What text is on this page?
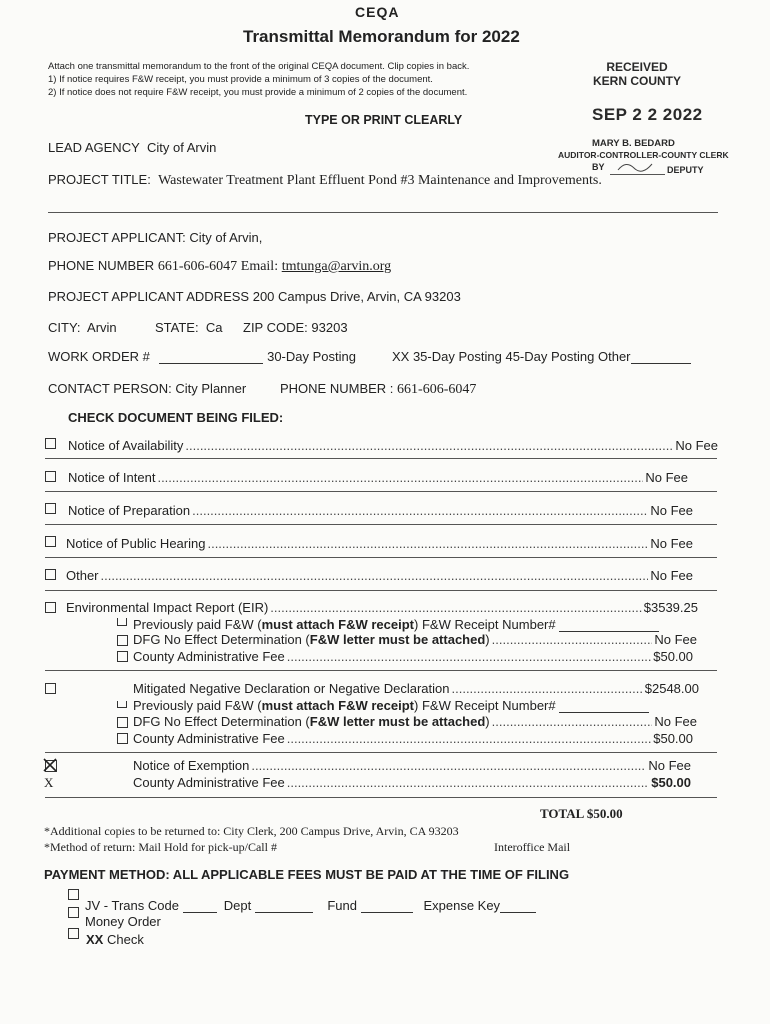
CEQA
Transmittal Memorandum for 2022
Attach one transmittal memorandum to the front of the original CEQA document. Clip copies in back.
1) If notice requires F&W receipt, you must provide a minimum of 3 copies of the document.
2) If notice does not require F&W receipt, you must provide a minimum of 2 copies of the document.
TYPE OR PRINT CLEARLY
RECEIVED
KERN COUNTY
SEP 2 2 2022
MARY B. BEDARD
AUDITOR-CONTROLLER-COUNTY CLERK
BY	DEPUTY
LEAD AGENCY City of Arvin
PROJECT TITLE: Wastewater Treatment Plant Effluent Pond #3 Maintenance and Improvements.
PROJECT APPLICANT: City of Arvin,
PHONE NUMBER 661-606-6047 Email: tmtunga@arvin.org
PROJECT APPLICANT ADDRESS 200 Campus Drive, Arvin, CA 93203
CITY: Arvin	STATE: Ca ZIP CODE: 93203
WORK ORDER #	30-Day Posting	XX 35-Day Posting 45-Day Posting Other
CONTACT PERSON: City Planner	PHONE NUMBER : 661-606-6047
CHECK DOCUMENT BEING FILED:
Notice of Availability .....	No Fee
Notice of Intent .....	No Fee
Notice of Preparation .....	No Fee
Notice of Public Hearing .....	No Fee
Other .....	No Fee
Environmental Impact Report (EIR) .....	$3539.25
Previously paid F&W (must attach F&W receipt) F&W Receipt Number#
DFG No Effect Determination (F&W letter must be attached) .....	No Fee
County Administrative Fee .....	$50.00
Mitigated Negative Declaration or Negative Declaration .....	$2548.00
Previously paid F&W (must attach F&W receipt) F&W Receipt Number#
DFG No Effect Determination (F&W letter must be attached) .....	No Fee
County Administrative Fee .....	$50.00
X
Notice of Exemption .....	No Fee
County Administrative Fee .....	$50.00
TOTAL $50.00
*Additional copies to be returned to: City Clerk, 200 Campus Drive, Arvin, CA 93203
*Method of return: Mail Hold for pick-up/Call #	Interoffice Mail
PAYMENT METHOD: ALL APPLICABLE FEES MUST BE PAID AT THE TIME OF FILING
JV - Trans Code	Dept	Fund	Expense Key
Money Order
XX Check
